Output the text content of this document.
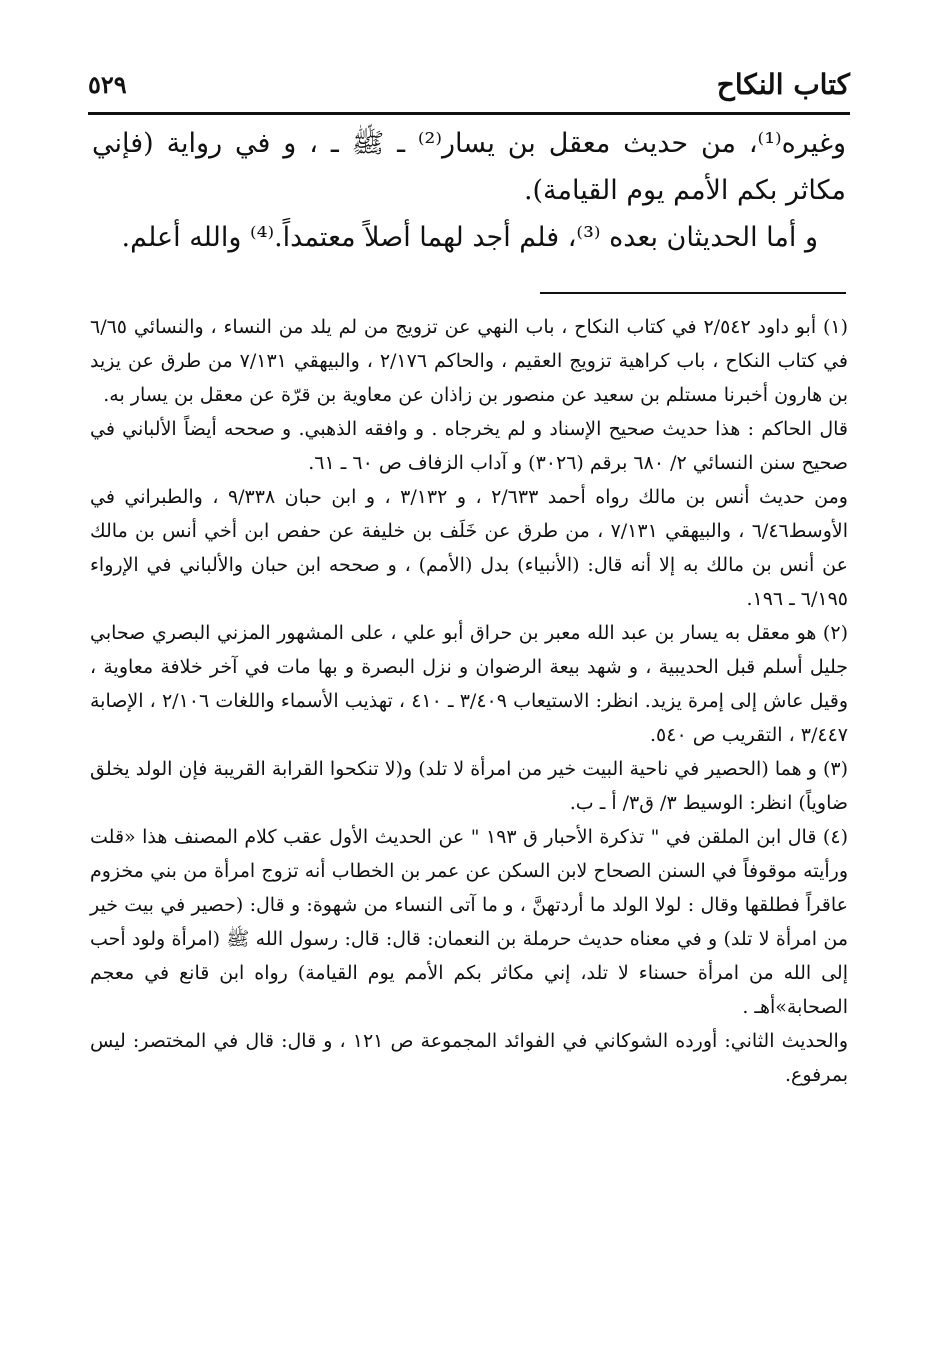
كتاب النكاح
٥٢٩

وغيره⁽¹⁾، من حديث معقل بن يسار⁽²⁾ ـ ﷺ ـ ، و في رواية (فإني مكاثر بكم الأمم يوم القيامة).

و أما الحديثان بعده ⁽³⁾، فلم أجد لهما أصلاً معتمداً.⁽⁴⁾ والله أعلم.

(١) أبو داود ٢/٥٤٢ في كتاب النكاح ، باب النهي عن تزويج من لم يلد من النساء ، والنسائي ٦/٦٥ في كتاب النكاح ، باب كراهية تزويج العقيم ، والحاكم ٢/١٧٦ ، والبيهقي ٧/١٣١ من طرق عن يزيد بن هارون أخبرنا مستلم بن سعيد عن منصور بن زاذان عن معاوية بن قرّة عن معقل بن يسار به.

قال الحاكم : هذا حديث صحيح الإسناد و لم يخرجاه . و وافقه الذهبي. و صححه أيضاً الألباني في صحيح سنن النسائي ٢/ ٦٨٠ برقم (٣٠٢٦) و آداب الزفاف ص ٦٠ ـ ٦١.

ومن حديث أنس بن مالك رواه أحمد ٢/٦٣٣ ، و ٣/١٣٢ ، و ابن حبان ٩/٣٣٨ ، والطبراني في الأوسط٦/٤٦ ، والبيهقي ٧/١٣١ ، من طرق عن خَلَف بن خليفة عن حفص ابن أخي أنس بن مالك عن أنس بن مالك به إلا أنه قال: (الأنبياء) بدل (الأمم) ، و صححه ابن حبان والألباني في الإرواء ٦/١٩٥ ـ ١٩٦.

(٢) هو معقل به يسار بن عبد الله معبر بن حراق أبو علي ، على المشهور المزني البصري صحابي جليل أسلم قبل الحديبية ، و شهد بيعة الرضوان و نزل البصرة و بها مات في آخر خلافة معاوية ، وقيل عاش إلى إمرة يزيد. انظر: الاستيعاب ٣/٤٠٩ ـ ٤١٠ ، تهذيب الأسماء واللغات ٢/١٠٦ ، الإصابة ٣/٤٤٧ ، التقريب ص ٥٤٠.

(٣) و هما (الحصير في ناحية البيت خير من امرأة لا تلد) و(لا تنكحوا القرابة القريبة فإن الولد يخلق ضاوياً) انظر: الوسيط ٣/ ق٣/ أ ـ ب.

(٤) قال ابن الملقن في " تذكرة الأحبار ق ١٩٣ " عن الحديث الأول عقب كلام المصنف هذا «قلت ورأيته موقوفاً في السنن الصحاح لابن السكن عن عمر بن الخطاب أنه تزوج امرأة من بني مخزوم عاقراً فطلقها وقال : لولا الولد ما أردتهنَّ ، و ما آتى النساء من شهوة: و قال: (حصير في بيت خير من امرأة لا تلد) و في معناه حديث حرملة بن النعمان: قال: قال: رسول الله ﷺ (امرأة ولود أحب إلى الله من امرأة حسناء لا تلد، إني مكاثر بكم الأمم يوم القيامة) رواه ابن قانع في معجم الصحابة»أهـ .

والحديث الثاني: أورده الشوكاني في الفوائد المجموعة ص ١٢١ ، و قال: قال في المختصر: ليس بمرفوع.
